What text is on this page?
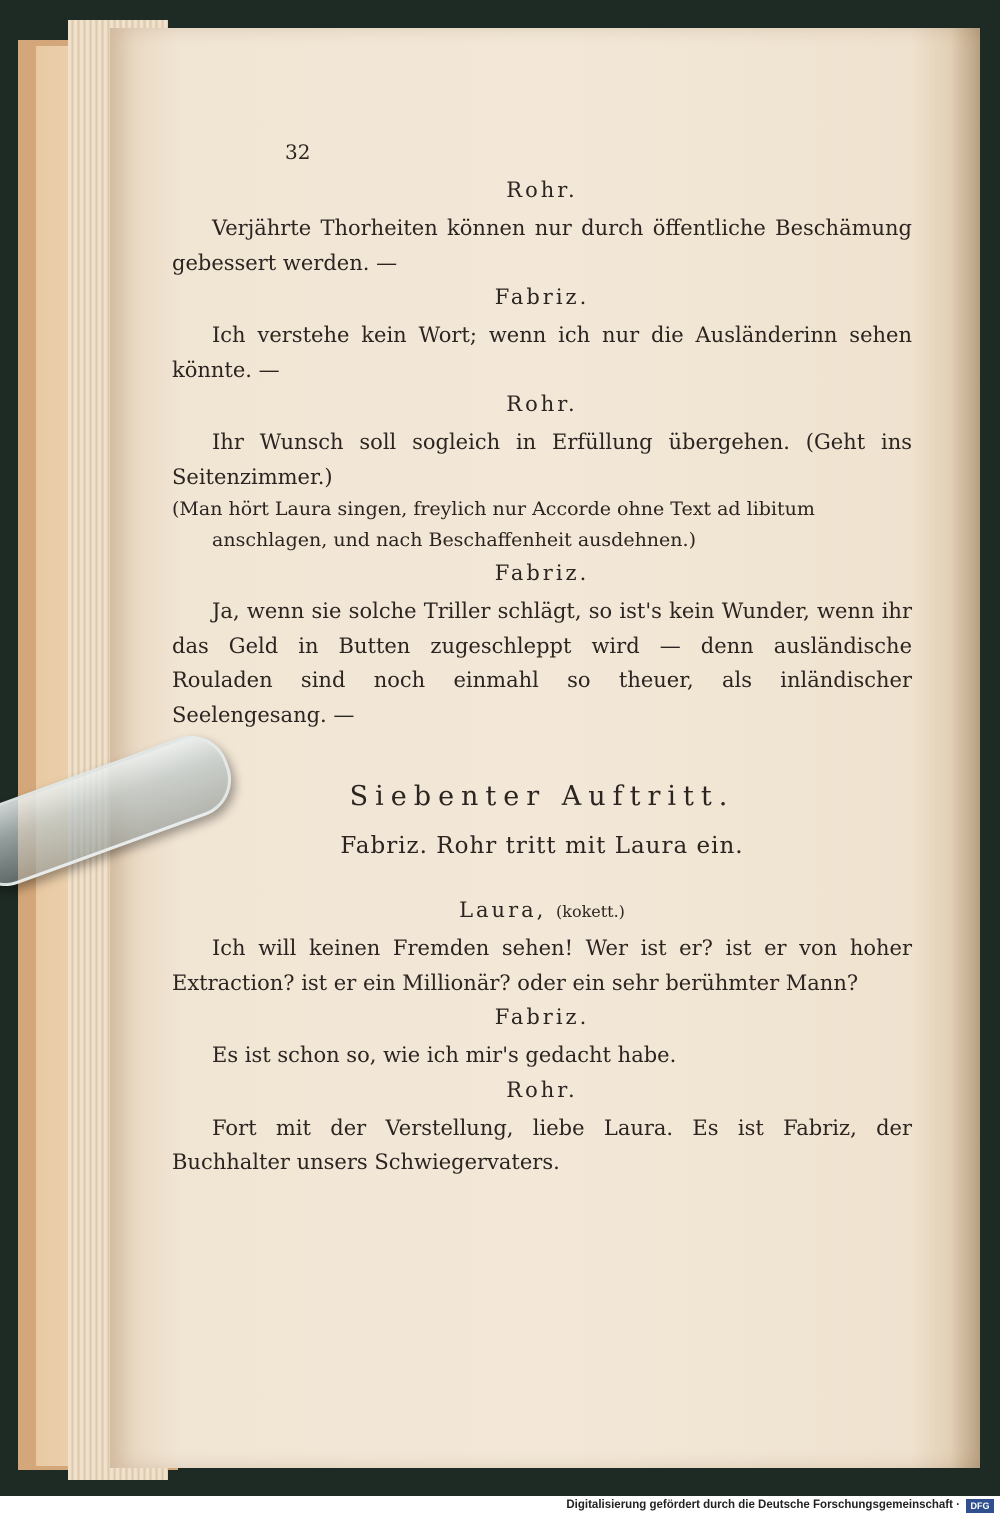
32

Rohr.

Verjährte Thorheiten können nur durch öffentliche Beschämung gebessert werden. —

Fabriz.

Ich verstehe kein Wort; wenn ich nur die Ausländerinn sehen könnte. —

Rohr.

Ihr Wunsch soll sogleich in Erfüllung übergehen. (Geht ins Seitenzimmer.)

(Man hört Laura singen, freylich nur Accorde ohne Text ad libitum anschlagen, und nach Beschaffenheit ausdehnen.)

Fabriz.

Ja, wenn sie solche Triller schlägt, so ist's kein Wunder, wenn ihr das Geld in Butten zugeschleppt wird — denn ausländische Rouladen sind noch einmahl so theuer, als inländischer Seelengesang. —

Siebenter Auftritt.

Fabriz. Rohr tritt mit Laura ein.

Laura, (kokett.)

Ich will keinen Fremden sehen! Wer ist er? ist er von hoher Extraction? ist er ein Millionär? oder ein sehr berühmter Mann?

Fabriz.

Es ist schon so, wie ich mir's gedacht habe.

Rohr.

Fort mit der Verstellung, liebe Laura. Es ist Fabriz, der Buchhalter unsers Schwiegervaters.

Digitalisierung gefördert durch die Deutsche Forschungsgemeinschaft ·	DFG
